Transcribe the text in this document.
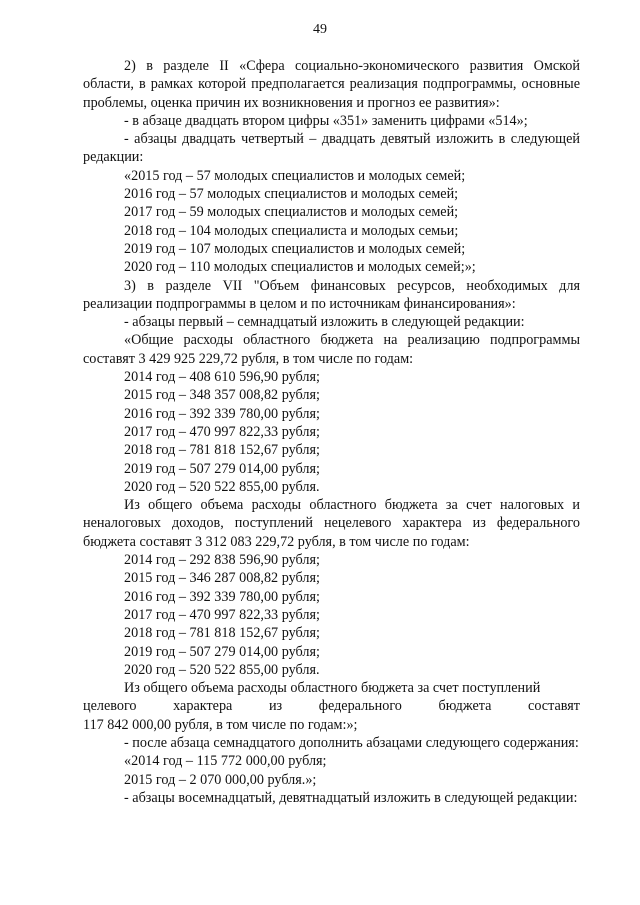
49

2) в разделе II «Сфера социально-экономического развития Омской области, в рамках которой предполагается реализация подпрограммы, основные проблемы, оценка причин их возникновения и прогноз ее развития»:

- в абзаце двадцать втором цифры «351» заменить цифрами «514»;

- абзацы двадцать четвертый – двадцать девятый изложить в следующей редакции:

«2015 год – 57 молодых специалистов и молодых семей;

2016 год – 57 молодых специалистов и молодых семей;

2017 год – 59 молодых специалистов и молодых семей;

2018 год – 104 молодых специалиста и молодых семьи;

2019 год – 107 молодых специалистов и молодых семей;

2020 год – 110 молодых специалистов и молодых семей;»;

3) в разделе VII "Объем финансовых ресурсов, необходимых для реализации подпрограммы в целом и по источникам финансирования»:

- абзацы первый – семнадцатый изложить в следующей редакции:

«Общие расходы областного бюджета на реализацию подпрограммы составят 3 429 925 229,72 рубля, в том числе по годам:

2014 год – 408 610 596,90 рубля;

2015 год – 348 357 008,82 рубля;

2016 год – 392 339 780,00 рубля;

2017 год – 470 997 822,33 рубля;

2018 год – 781 818 152,67 рубля;

2019 год – 507 279 014,00 рубля;

2020 год – 520 522 855,00 рубля.

Из общего объема расходы областного бюджета за счет налоговых и неналоговых доходов, поступлений нецелевого характера из федерального бюджета составят 3 312 083 229,72 рубля, в том числе по годам:

2014 год – 292 838 596,90 рубля;

2015 год – 346 287 008,82 рубля;

2016 год – 392 339 780,00 рубля;

2017 год – 470 997 822,33 рубля;

2018 год – 781 818 152,67 рубля;

2019 год – 507 279 014,00 рубля;

2020 год – 520 522 855,00 рубля.

Из общего объема расходы областного бюджета за счет поступлений

целевого характера из федерального бюджета составят

117 842 000,00 рубля, в том числе по годам:»;

- после абзаца семнадцатого дополнить абзацами следующего содержания:

«2014 год – 115 772 000,00 рубля;

2015 год – 2 070 000,00 рубля.»;

- абзацы восемнадцатый, девятнадцатый изложить в следующей редакции:
